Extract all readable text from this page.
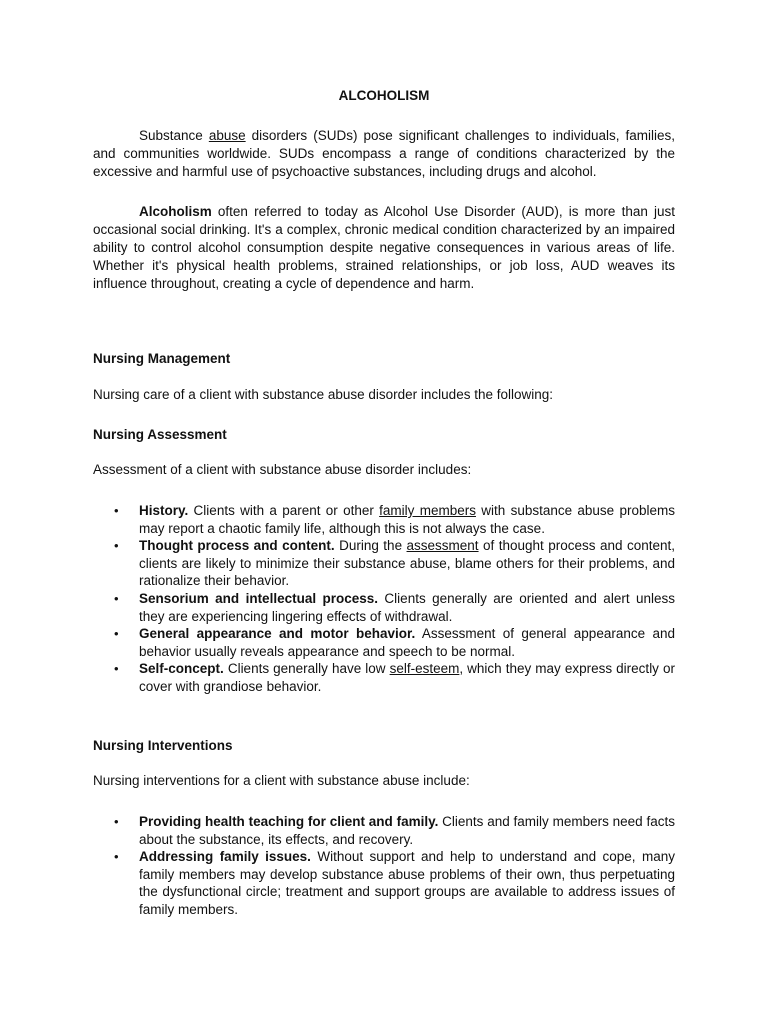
ALCOHOLISM

Substance abuse disorders (SUDs) pose significant challenges to individuals, families, and communities worldwide. SUDs encompass a range of conditions characterized by the excessive and harmful use of psychoactive substances, including drugs and alcohol.

Alcoholism often referred to today as Alcohol Use Disorder (AUD), is more than just occasional social drinking. It's a complex, chronic medical condition characterized by an impaired ability to control alcohol consumption despite negative consequences in various areas of life. Whether it's physical health problems, strained relationships, or job loss, AUD weaves its influence throughout, creating a cycle of dependence and harm.

Nursing Management

Nursing care of a client with substance abuse disorder includes the following:

Nursing Assessment

Assessment of a client with substance abuse disorder includes:

• History. Clients with a parent or other family members with substance abuse problems may report a chaotic family life, although this is not always the case.
• Thought process and content. During the assessment of thought process and content, clients are likely to minimize their substance abuse, blame others for their problems, and rationalize their behavior.
• Sensorium and intellectual process. Clients generally are oriented and alert unless they are experiencing lingering effects of withdrawal.
• General appearance and motor behavior. Assessment of general appearance and behavior usually reveals appearance and speech to be normal.
• Self-concept. Clients generally have low self-esteem, which they may express directly or cover with grandiose behavior.
Nursing Interventions

Nursing interventions for a client with substance abuse include:

• Providing health teaching for client and family. Clients and family members need facts about the substance, its effects, and recovery.
• Addressing family issues. Without support and help to understand and cope, many family members may develop substance abuse problems of their own, thus perpetuating the dysfunctional circle; treatment and support groups are available to address issues of family members.
